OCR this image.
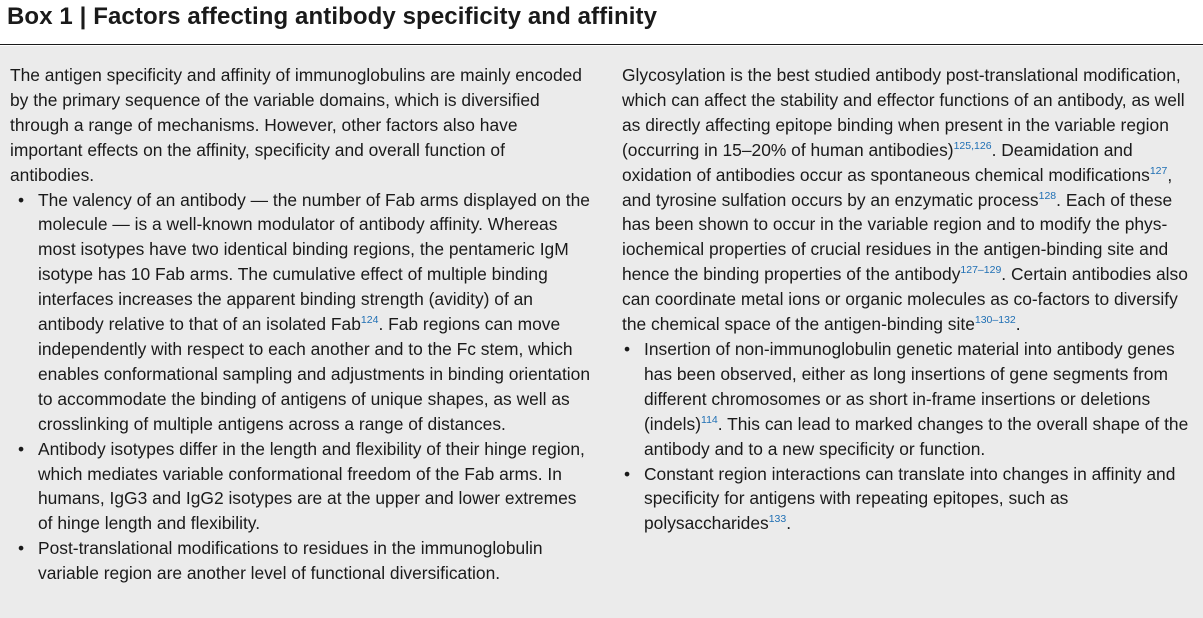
Box 1 | Factors affecting antibody specificity and affinity

The antigen specificity and affinity of immunoglobulins are mainly encoded by the primary sequence of the variable domains, which is diversified through a range of mechanisms. However, other factors also have important effects on the affinity, specificity and overall function of antibodies.

• The valency of an antibody — the number of Fab arms displayed on the molecule — is a well-known modulator of antibody affinity. Whereas most isotypes have two identical binding regions, the pentameric IgM isotype has 10 Fab arms. The cumulative effect of multiple binding interfaces increases the apparent binding strength (avidity) of an antibody relative to that of an isolated Fab$^{124}$. Fab regions can move independently with respect to each another and to the Fc stem, which enables conformational sampling and adjustments in binding orientation to accommodate the binding of antigens of unique shapes, as well as crosslinking of multiple antigens across a range of distances.
• Antibody isotypes differ in the length and flexibility of their hinge region, which mediates variable conformational freedom of the Fab arms. In humans, IgG3 and IgG2 isotypes are at the upper and lower extremes of hinge length and flexibility.
• Post-translational modifications to residues in the immunoglobulin variable region are another level of functional diversification.

Glycosylation is the best studied antibody post-translational modification, which can affect the stability and effector functions of an antibody, as well as directly affecting epitope binding when present in the variable region (occurring in 15–20% of human antibodies)$^{125,126}$. Deamidation and oxidation of antibodies occur as spontaneous chemical modifications$^{127}$, and tyrosine sulfation occurs by an enzymatic process$^{128}$. Each of these has been shown to occur in the variable region and to modify the physiochemical properties of crucial residues in the antigen-binding site and hence the binding properties of the antibody$^{127-129}$. Certain antibodies also can coordinate metal ions or organic molecules as co-factors to diversify the chemical space of the antigen-binding site$^{130-132}$.

• Insertion of non-immunoglobulin genetic material into antibody genes has been observed, either as long insertions of gene segments from different chromosomes or as short in-frame insertions or deletions (indels)$^{114}$. This can lead to marked changes to the overall shape of the antibody and to a new specificity or function.
• Constant region interactions can translate into changes in affinity and specificity for antigens with repeating epitopes, such as polysaccharides$^{133}$.
